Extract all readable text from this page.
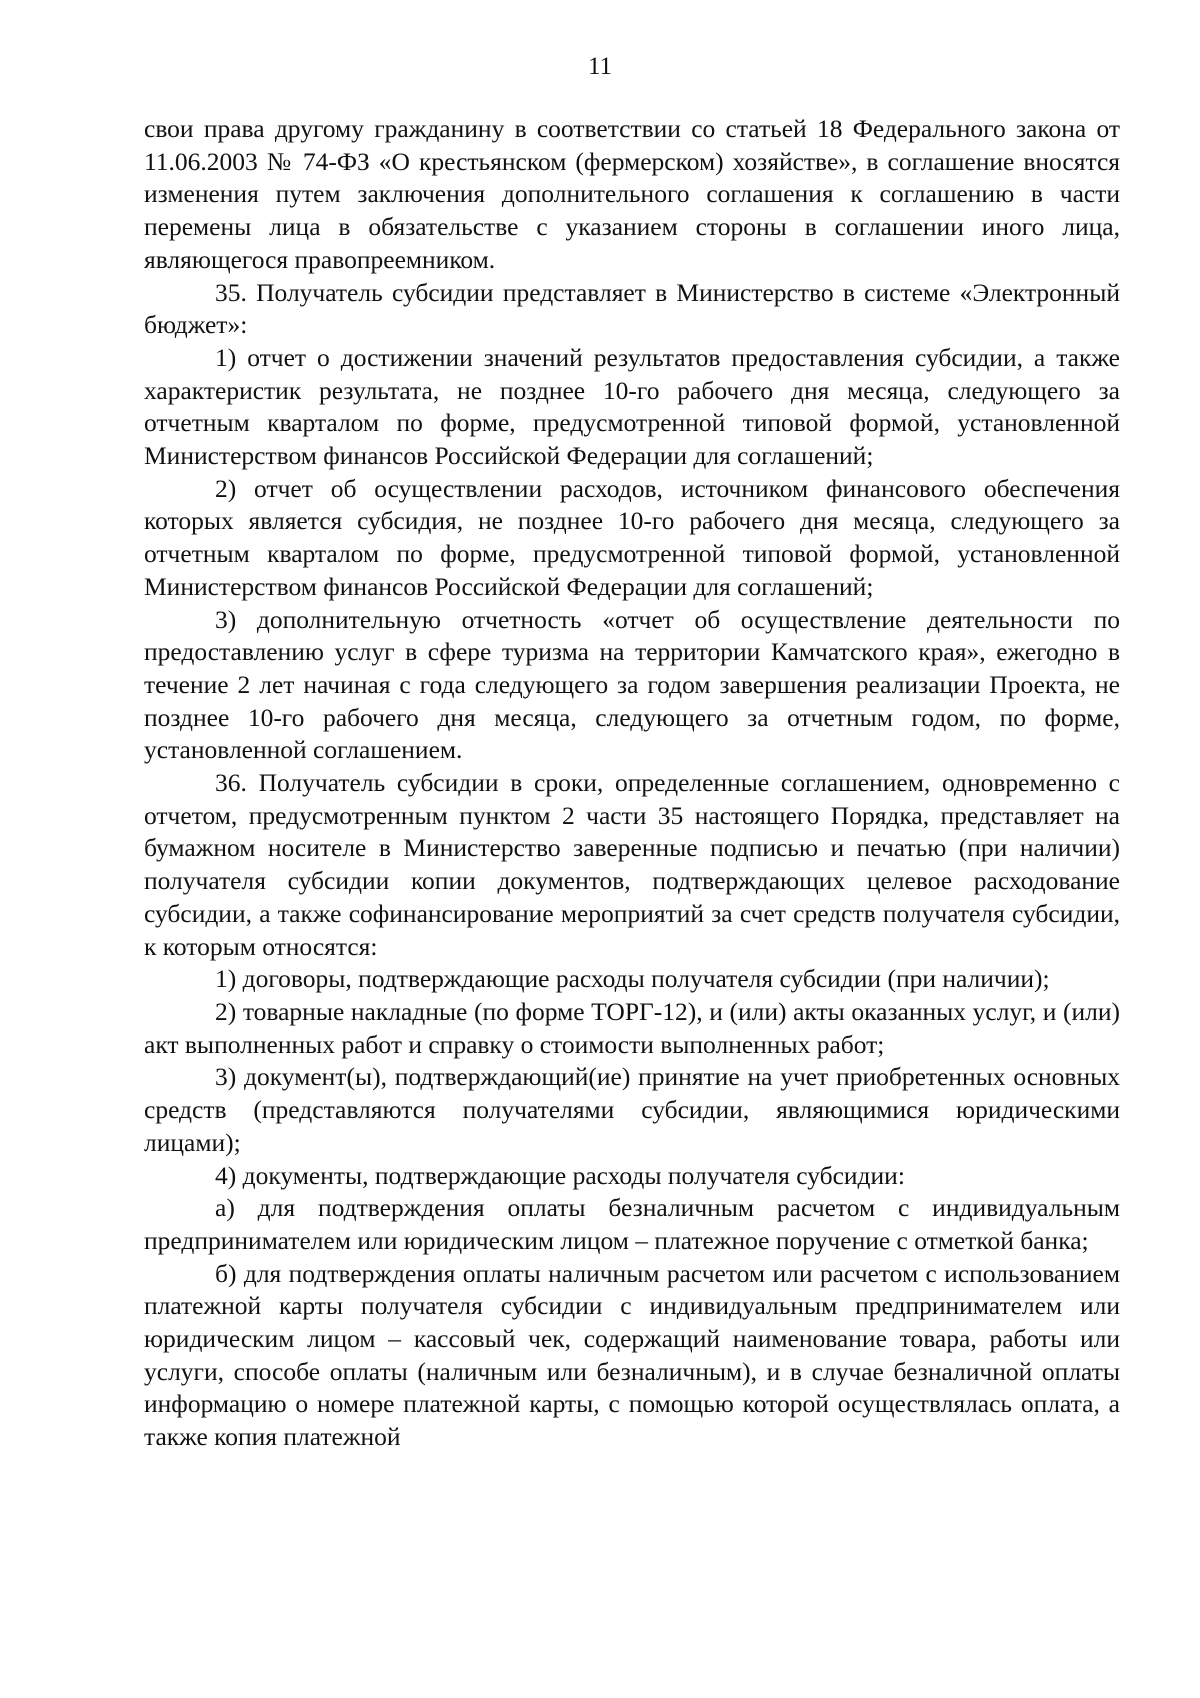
11

свои права другому гражданину в соответствии со статьей 18 Федерального закона от 11.06.2003 № 74-ФЗ «О крестьянском (фермерском) хозяйстве», в соглашение вносятся изменения путем заключения дополнительного соглашения к соглашению в части перемены лица в обязательстве с указанием стороны в соглашении иного лица, являющегося правопреемником.

35. Получатель субсидии представляет в Министерство в системе «Электронный бюджет»:

1) отчет о достижении значений результатов предоставления субсидии, а также характеристик результата, не позднее 10-го рабочего дня месяца, следующего за отчетным кварталом по форме, предусмотренной типовой формой, установленной Министерством финансов Российской Федерации для соглашений;

2) отчет об осуществлении расходов, источником финансового обеспечения которых является субсидия, не позднее 10-го рабочего дня месяца, следующего за отчетным кварталом по форме, предусмотренной типовой формой, установленной Министерством финансов Российской Федерации для соглашений;

3) дополнительную отчетность «отчет об осуществление деятельности по предоставлению услуг в сфере туризма на территории Камчатского края», ежегодно в течение 2 лет начиная с года следующего за годом завершения реализации Проекта, не позднее 10-го рабочего дня месяца, следующего за отчетным годом, по форме, установленной соглашением.

36. Получатель субсидии в сроки, определенные соглашением, одновременно с отчетом, предусмотренным пунктом 2 части 35 настоящего Порядка, представляет на бумажном носителе в Министерство заверенные подписью и печатью (при наличии) получателя субсидии копии документов, подтверждающих целевое расходование субсидии, а также софинансирование мероприятий за счет средств получателя субсидии, к которым относятся:

1) договоры, подтверждающие расходы получателя субсидии (при наличии);

2) товарные накладные (по форме ТОРГ-12), и (или) акты оказанных услуг, и (или) акт выполненных работ и справку о стоимости выполненных работ;

3) документ(ы), подтверждающий(ие) принятие на учет приобретенных основных средств (представляются получателями субсидии, являющимися юридическими лицами);

4) документы, подтверждающие расходы получателя субсидии:

а) для подтверждения оплаты безналичным расчетом с индивидуальным предпринимателем или юридическим лицом – платежное поручение с отметкой банка;

б) для подтверждения оплаты наличным расчетом или расчетом с использованием платежной карты получателя субсидии с индивидуальным предпринимателем или юридическим лицом – кассовый чек, содержащий наименование товара, работы или услуги, способе оплаты (наличным или безналичным), и в случае безналичной оплаты информацию о номере платежной карты, с помощью которой осуществлялась оплата, а также копия платежной
